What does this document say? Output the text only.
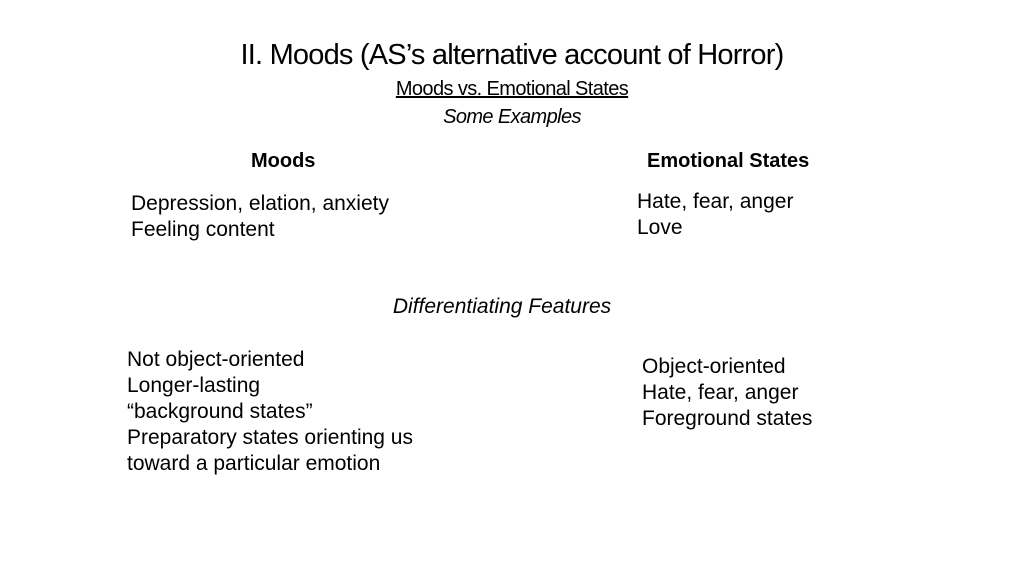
II. Moods (AS’s alternative account of Horror)
Moods vs. Emotional States
Some Examples
Moods	Emotional States
Depression, elation, anxiety
Feeling content
Hate, fear, anger
Love
Differentiating Features
Not object-oriented
Longer-lasting
“background states”
Preparatory states orienting us
toward a particular emotion
Object-oriented
Hate, fear, anger
Foreground states
